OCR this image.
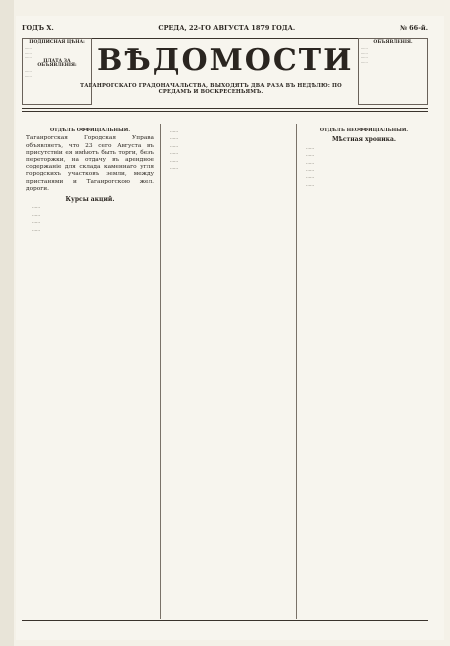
ГОДЪ X.	СРЕДА, 22-ГО АВГУСТА 1879 ГОДА.	№ 66-й.
ПОДПИСНАЯ ЦѢНА:
......
......
......
ПЛАТА ЗА ОБЪЯВЛЕНІЯ:
......
......	ВѢДОМОСТИ
ОБЪЯВЛЕНІЯ.
......
......
......
......
ТАГАНРОГСКАГО ГРАДОНАЧАЛЬСТВА, ВЫХОДЯТЪ ДВА РАЗА ВЪ НЕДѢЛЮ: ПО СРЕДАМЪ И ВОСКРЕСЕНЬЯМЪ.
ОТДѢЛЪ ОФФИЦІАЛЬНЫЙ.
Таганрогская Городская Управа объявляетъ, что 23 сего Августа въ присутствіи ея имѣютъ быть торги, безъ переторжки, на отдачу въ арендное содержаніе для склада каменнаго угля городскихъ участковъ земли, между пристанями и Таганрогскою жел. дороги.
Курсы акций.

......

......

......

......

......

......

......

......

......

......

ОТДѢЛЪ НЕОФФИЦІАЛЬНЫЙ.
Мѣстная хроника.

......

......

......

......

......

......
